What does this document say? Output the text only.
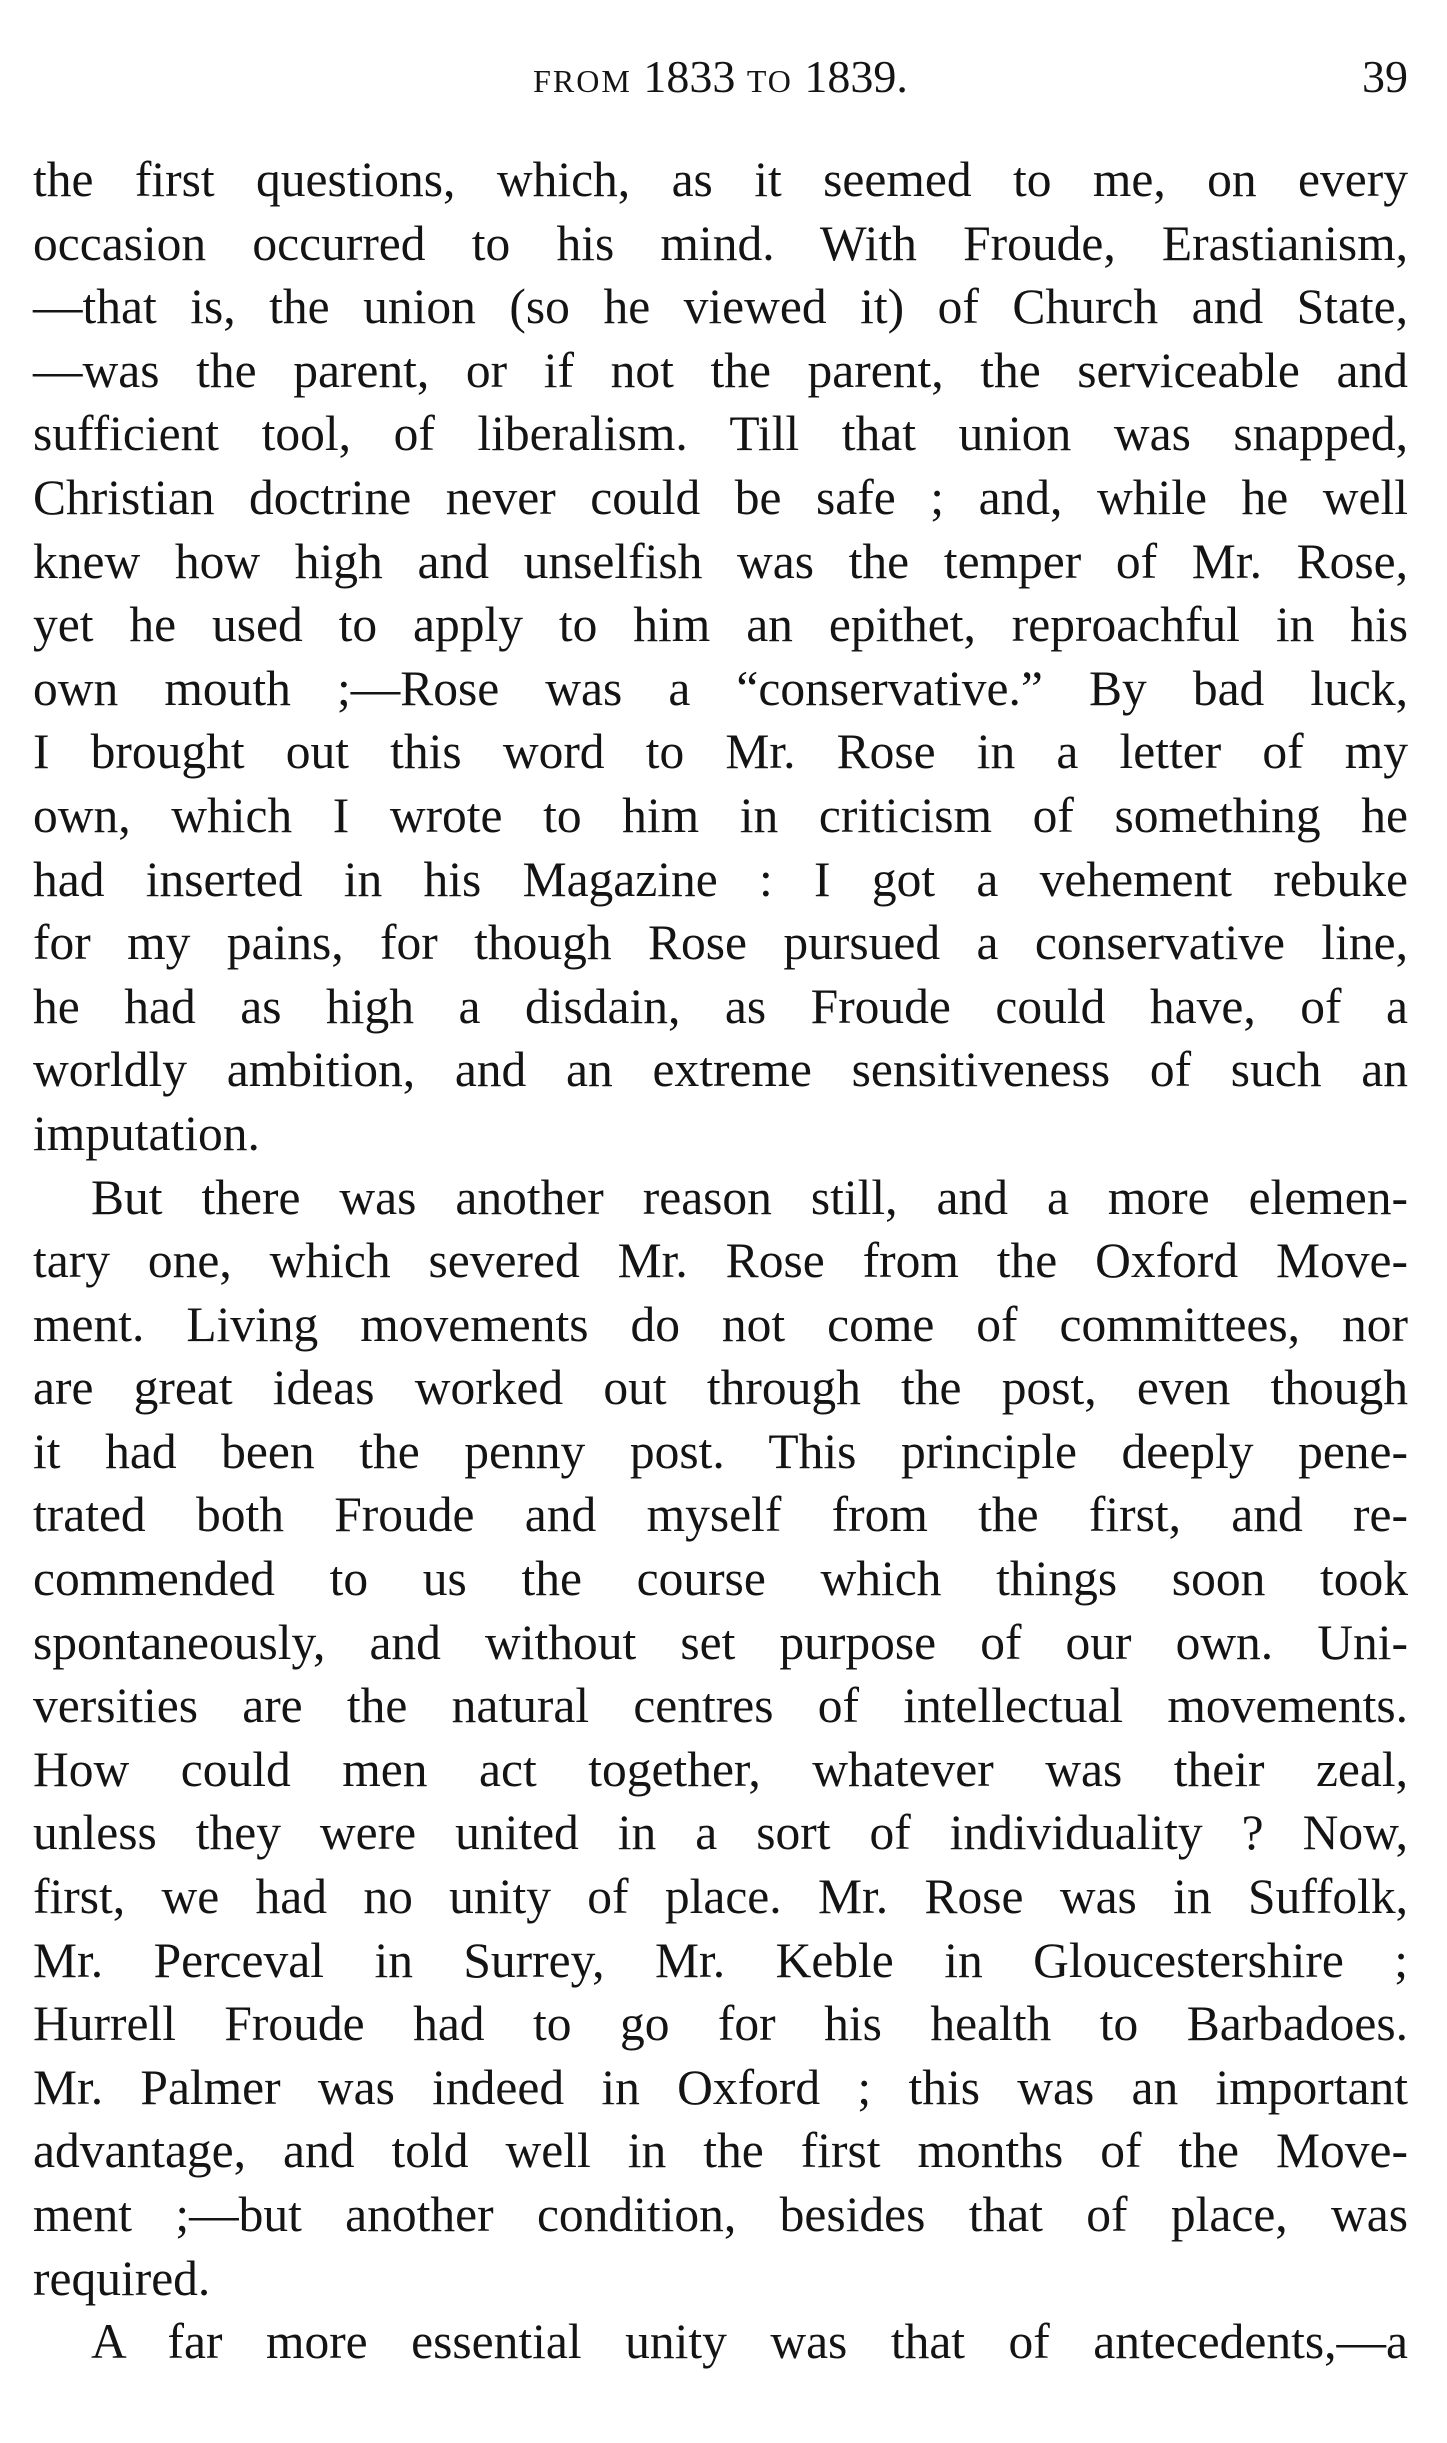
from 1833 to 1839.	39
the first questions, which, as it seemed to me, on every
occasion occurred to his mind. With Froude, Erastianism,
—that is, the union (so he viewed it) of Church and State,
—was the parent, or if not the parent, the serviceable and
sufficient tool, of liberalism. Till that union was snapped,
Christian doctrine never could be safe ; and, while he well
knew how high and unselfish was the temper of Mr. Rose,
yet he used to apply to him an epithet, reproachful in his
own mouth ;—Rose was a “conservative.” By bad luck,
I brought out this word to Mr. Rose in a letter of my
own, which I wrote to him in criticism of something he
had inserted in his Magazine : I got a vehement rebuke
for my pains, for though Rose pursued a conservative line,
he had as high a disdain, as Froude could have, of a
worldly ambition, and an extreme sensitiveness of such an
imputation.
But there was another reason still, and a more elemen-
tary one, which severed Mr. Rose from the Oxford Move-
ment. Living movements do not come of committees, nor
are great ideas worked out through the post, even though
it had been the penny post. This principle deeply pene-
trated both Froude and myself from the first, and re-
commended to us the course which things soon took
spontaneously, and without set purpose of our own. Uni-
versities are the natural centres of intellectual movements.
How could men act together, whatever was their zeal,
unless they were united in a sort of individuality ? Now,
first, we had no unity of place. Mr. Rose was in Suffolk,
Mr. Perceval in Surrey, Mr. Keble in Gloucestershire ;
Hurrell Froude had to go for his health to Barbadoes.
Mr. Palmer was indeed in Oxford ; this was an important
advantage, and told well in the first months of the Move-
ment ;—but another condition, besides that of place, was
required.
A far more essential unity was that of antecedents,—a
